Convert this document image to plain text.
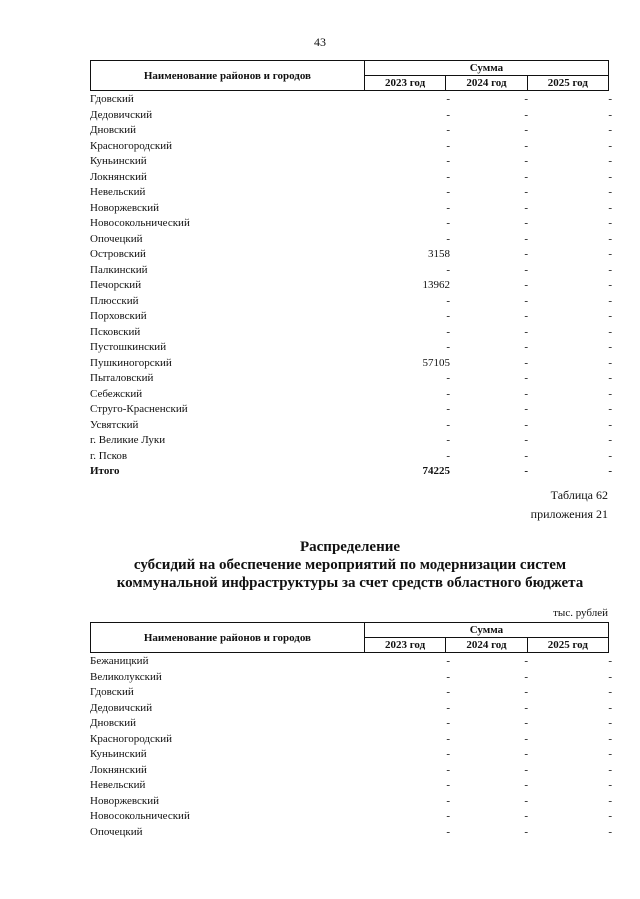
43
Наименование районов и городов	Сумма		
	2023 год	2024 год	2025 год
Гдовский	-	-	-
Дедовичский	-	-	-
Дновский	-	-	-
Красногородский	-	-	-
Куньинский	-	-	-
Локнянский	-	-	-
Невельский	-	-	-
Новоржевский	-	-	-
Новосокольнический	-	-	-
Опочецкий	-	-	-
Островский	3158	-	-
Палкинский	-	-	-
Печорский	13962	-	-
Плюсский	-	-	-
Порховский	-	-	-
Псковский	-	-	-
Пустошкинский	-	-	-
Пушкиногорский	57105	-	-
Пыталовский	-	-	-
Себежский	-	-	-
Струго-Красненский	-	-	-
Усвятский	-	-	-
г. Великие Луки	-	-	-
г. Псков	-	-	-
Итого	74225	-	-
Таблица 62
приложения 21
Распределение
субсидий на обеспечение мероприятий по модернизации систем
коммунальной инфраструктуры за счет средств областного бюджета
тыс. рублей
Наименование районов и городов	Сумма		
	2023 год	2024 год	2025 год
Бежаницкий	-	-	-
Великолукский	-	-	-
Гдовский	-	-	-
Дедовичский	-	-	-
Дновский	-	-	-
Красногородский	-	-	-
Куньинский	-	-	-
Локнянский	-	-	-
Невельский	-	-	-
Новоржевский	-	-	-
Новосокольнический	-	-	-
Опочецкий	-	-	-
